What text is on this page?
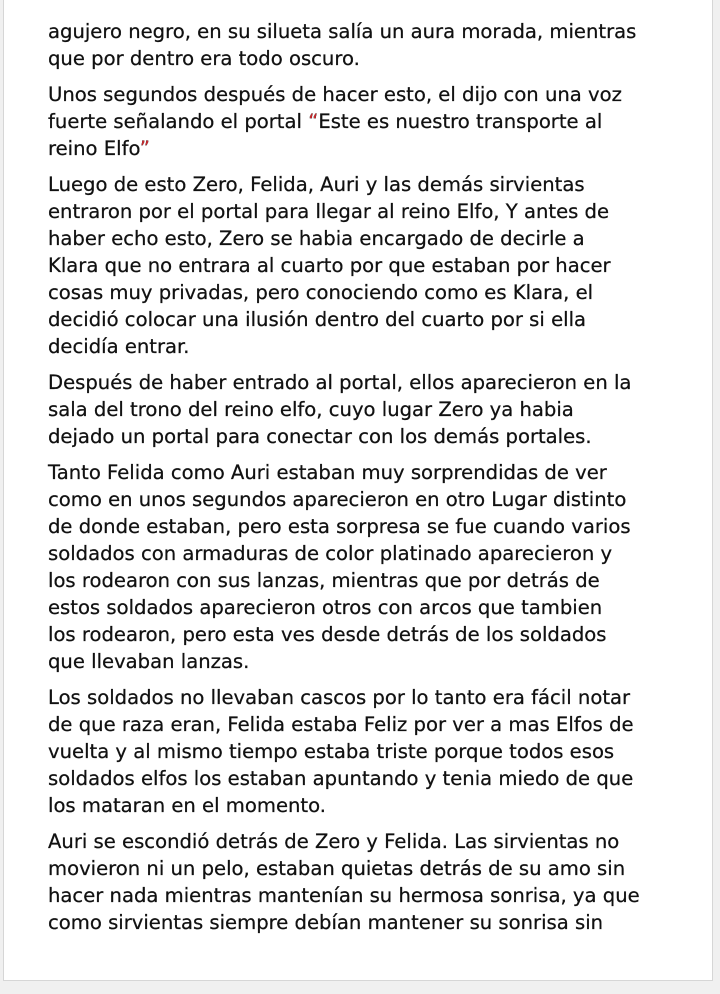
agujero negro, en su silueta salía un aura morada, mientras
que por dentro era todo oscuro.

Unos segundos después de hacer esto, el dijo con una voz
fuerte señalando el portal “Este es nuestro transporte al
reino Elfo”

Luego de esto Zero, Felida, Auri y las demás sirvientas
entraron por el portal para llegar al reino Elfo, Y antes de
haber echo esto, Zero se habia encargado de decirle a
Klara que no entrara al cuarto por que estaban por hacer
cosas muy privadas, pero conociendo como es Klara, el
decidió colocar una ilusión dentro del cuarto por si ella
decidía entrar.

Después de haber entrado al portal, ellos aparecieron en la
sala del trono del reino elfo, cuyo lugar Zero ya habia
dejado un portal para conectar con los demás portales.

Tanto Felida como Auri estaban muy sorprendidas de ver
como en unos segundos aparecieron en otro Lugar distinto
de donde estaban, pero esta sorpresa se fue cuando varios
soldados con armaduras de color platinado aparecieron y
los rodearon con sus lanzas, mientras que por detrás de
estos soldados aparecieron otros con arcos que tambien
los rodearon, pero esta ves desde detrás de los soldados
que llevaban lanzas.

Los soldados no llevaban cascos por lo tanto era fácil notar
de que raza eran, Felida estaba Feliz por ver a mas Elfos de
vuelta y al mismo tiempo estaba triste porque todos esos
soldados elfos los estaban apuntando y tenia miedo de que
los mataran en el momento.

Auri se escondió detrás de Zero y Felida. Las sirvientas no
movieron ni un pelo, estaban quietas detrás de su amo sin
hacer nada mientras mantenían su hermosa sonrisa, ya que
como sirvientas siempre debían mantener su sonrisa sin
